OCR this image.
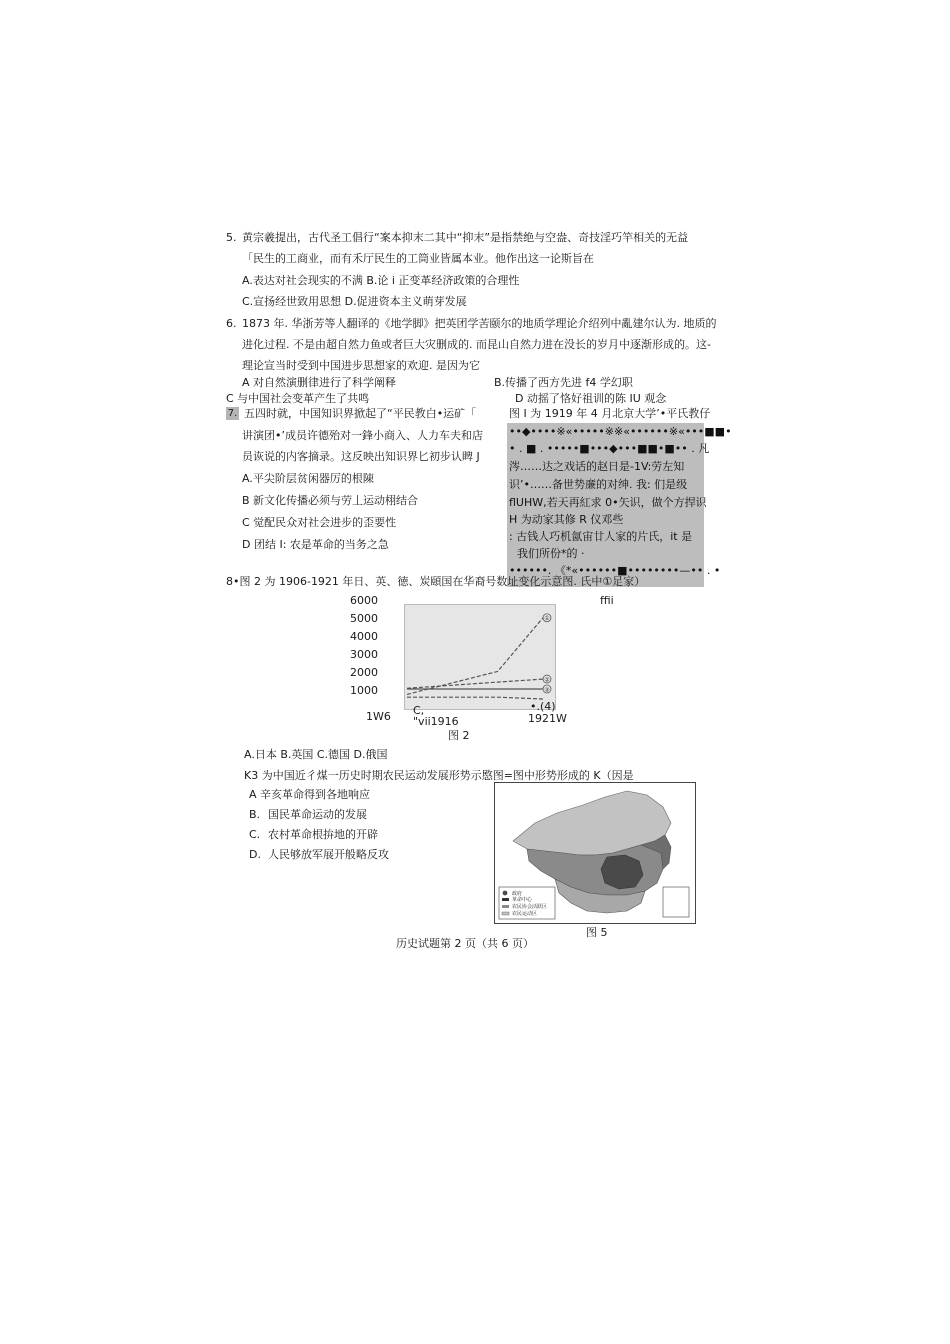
5. 黄宗羲提出，古代圣工倡行“案本抑末二其中“抑末”是指禁绝与空盎、奇技淫巧竿相关的无益
「民生的工商业，而有禾厅民生的工筒业皆属本业。他作出这一论斯旨在
A.表达对社会现实的不满 B.论 i 正变革经济政策的合理性
C.宣扬经世致用思想 D.促进资本主义萌芽发展
6. 1873 年. 华浙芳等人翻译的《地学脚》把英团学苦颐尔的地质学理论介绍列中亂建尔认为. 地质的
进化过程. 不是由超自然力鱼或者巨大灾删成的. 而昆山自然力进在没长的岁月中逐渐形成的。这-
理论宣当时受到中国进步思想家的欢迎. 是因为它
A 对自然演删律进行了科学阐释	B.传播了西方先进 f4 学幻职
C 与中国社会变革产生了共鸣	D 动摇了恪好祖训的陈 IU 观念
7. 五四时就，中国知识界掀起了“平民教白•运矿「
讲演团•’成员许德殆对一鋒小商入、人力车夫和店
员诙说的内客摘录。这反映出知识界匕初步认睥 J
A.平尖阶层贫闲器厉的根陳
B 新文化传播必须与劳丄运动栩结合
C 觉配民众对社会进步的歪要性
D 团结 I: 农是革命的当务之急
图 I 为 1919 年 4 月北京大学’•平氏教仔
••◆••••※«•••••※※«••••••※«•••■■•
• . ■ . •••••■•••◆•••■■•■•• . 凡
涔……达之戏话的赵日是-1V:劳左知
识’•……备世势亷的对绅. 我: 们是级
flUHW,若天再紅求 0•矢识，做个方捍识
H 为动家其修 R 仪邓些
: 古钱人巧机氤宙廿人家的片氏，it 是
我们所份*的 ·
••••••. 《*«••••••■••••••••—•• . •
8•图 2 为 1906-1921 年日、英、徳、炭頤国在华裔号数址变化示意图. 氏中①足家）
ffii
6000
5000
4000
3000
2000
1000
①
②
③
1W6 C,
"vii1916	1921W
•.(4)
图 2
A.日本 B.英国 C.德国 D.俄国
K3 为中国近彳煤一历史时期农民运动发展形势示愍图=图中形势形成的 K（因是
A 辛亥革命得到各地响应
B. 国民革命运动的发展
C. 农村革命根拚地的开辟
D. 人民够放军展开般略反攻
政府
革命中心
农民协会活跃区
农民运动区
图 5
历史试题第 2 页（共 6 页）
